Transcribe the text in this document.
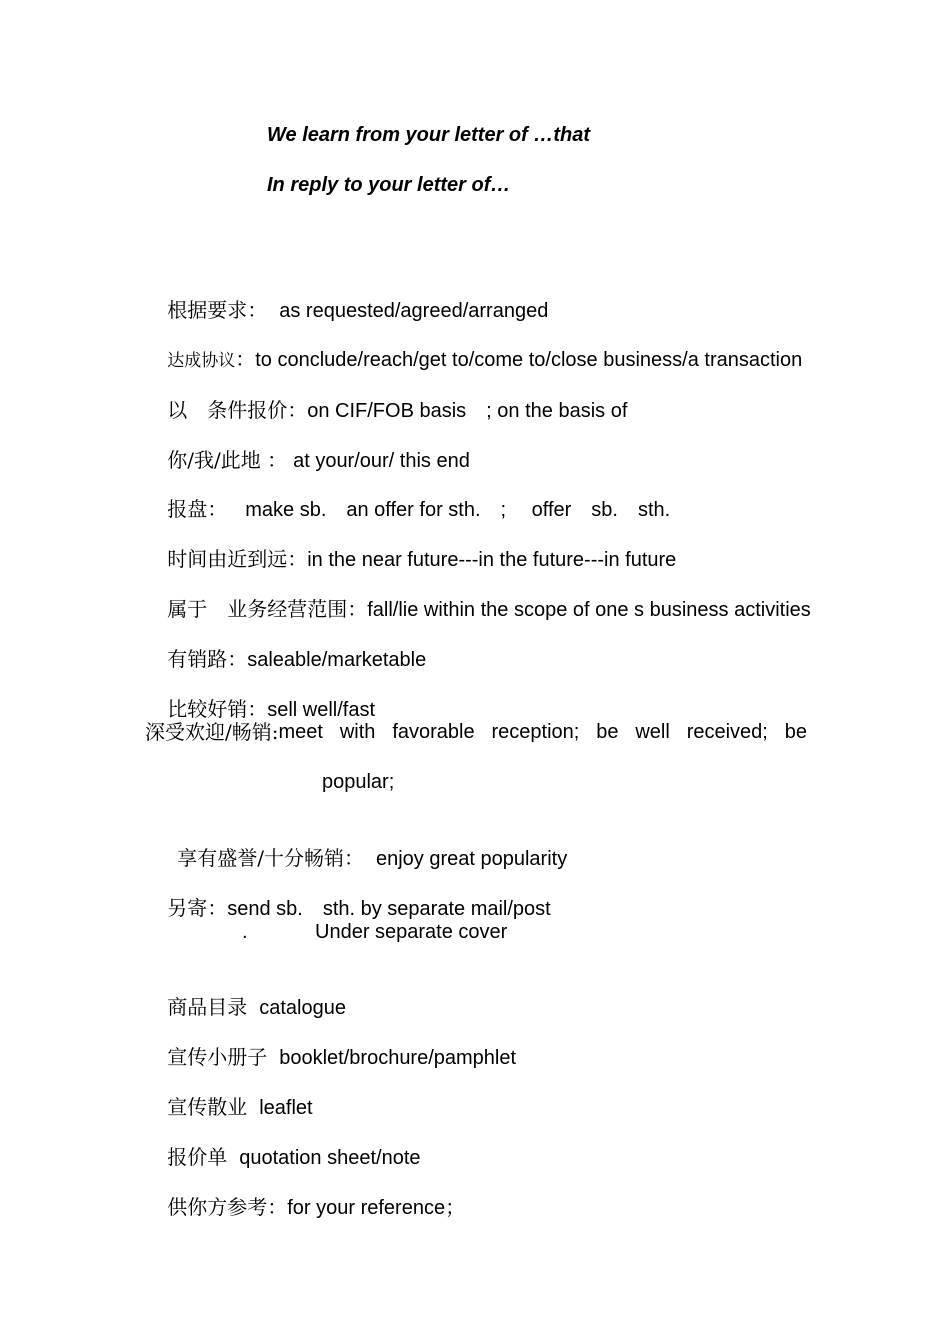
We learn from your letter of …that
In reply to your letter of…

根据要求： as requested/agreed/arranged

达成协议：to conclude/reach/get to/come to/close business/a transaction

以　条件报价：on CIF/FOB basis　; on the basis of

你/我/此地 ： at your/our/ this end

报盘： make sb.　an offer for sth.　;　 offer　sb.　sth.

时间由近到远：in the near future---in the future---in future

属于　业务经营范围：fall/lie within the scope of one s business activities

有销路：saleable/marketable

比较好销：sell well/fast

深受欢迎/畅销: meet with favorable reception; be well received; be
popular;

享有盛誉/十分畅销： enjoy great popularity

另寄：send sb.　sth. by separate mail/post

.	Under separate cover

商品目录 catalogue

宣传小册子 booklet/brochure/pamphlet

宣传散业 leaflet

报价单 quotation sheet/note

供你方参考：for your reference；
